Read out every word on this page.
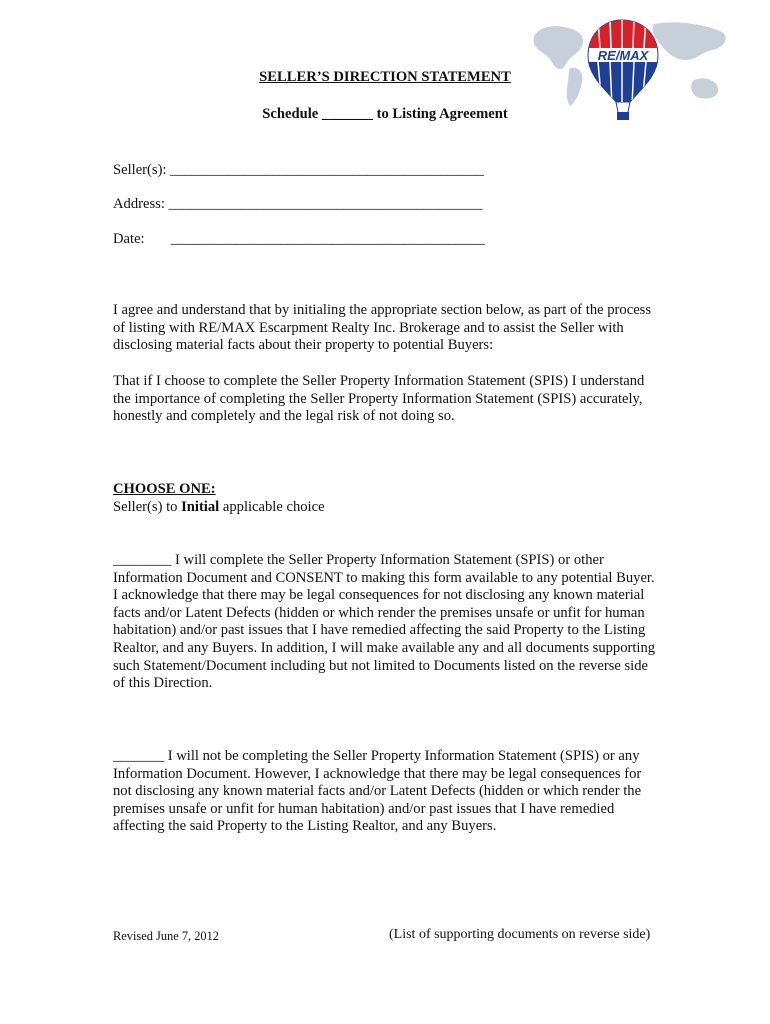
RE/MAX
SELLER’S DIRECTION STATEMENT
Schedule _______ to Listing Agreement
Seller(s): ___________________________________________
Address: ___________________________________________
Date: ___________________________________________
I agree and understand that by initialing the appropriate section below, as part of the process of listing with RE/MAX Escarpment Realty Inc. Brokerage and to assist the Seller with disclosing material facts about their property to potential Buyers:
That if I choose to complete the Seller Property Information Statement (SPIS) I understand the importance of completing the Seller Property Information Statement (SPIS) accurately, honestly and completely and the legal risk of not doing so.
CHOOSE ONE:
Seller(s) to Initial applicable choice
________ I will complete the Seller Property Information Statement (SPIS) or other Information Document and CONSENT to making this form available to any potential Buyer. I acknowledge that there may be legal consequences for not disclosing any known material facts and/or Latent Defects (hidden or which render the premises unsafe or unfit for human habitation) and/or past issues that I have remedied affecting the said Property to the Listing Realtor, and any Buyers. In addition, I will make available any and all documents supporting such Statement/Document including but not limited to Documents listed on the reverse side of this Direction.
_______ I will not be completing the Seller Property Information Statement (SPIS) or any Information Document. However, I acknowledge that there may be legal consequences for not disclosing any known material facts and/or Latent Defects (hidden or which render the premises unsafe or unfit for human habitation) and/or past issues that I have remedied affecting the said Property to the Listing Realtor, and any Buyers.
Revised June 7, 2012	(List of supporting documents on reverse side)
